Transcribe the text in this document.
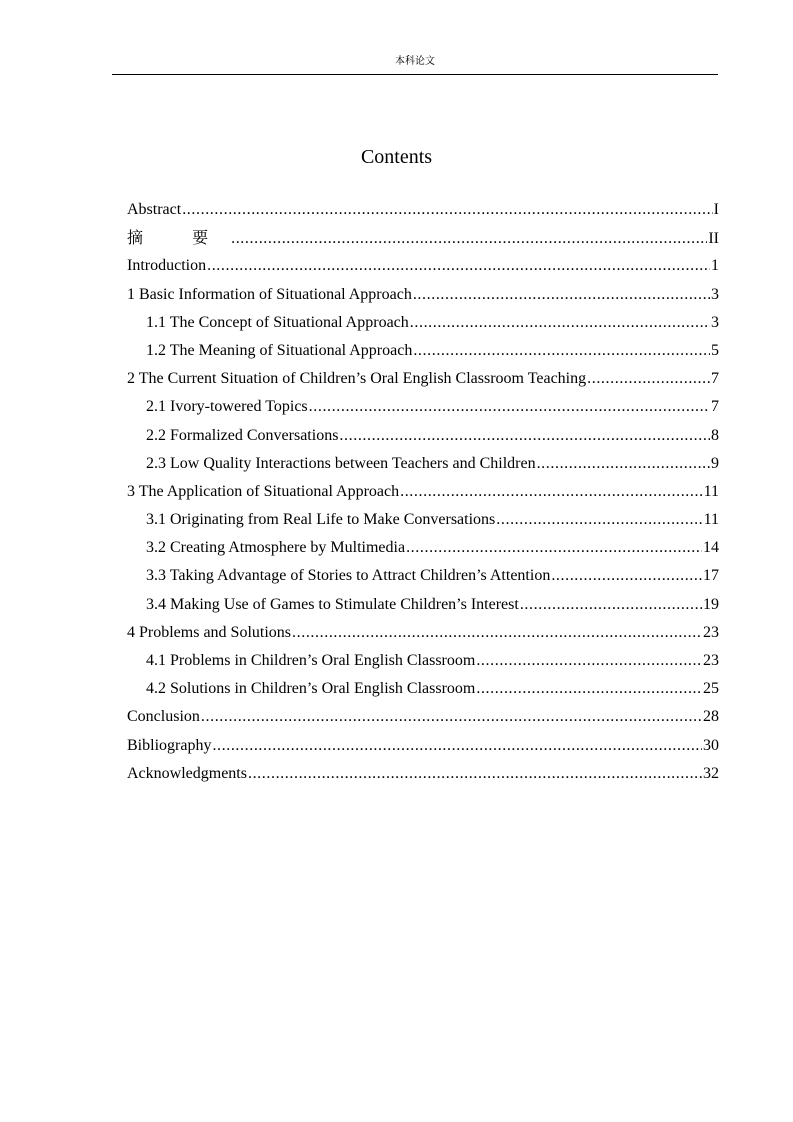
本科论文
Contents
Abstract .....	I
摘 要 .....	II
Introduction .....	1
1 Basic Information of Situational Approach .....	3
1.1 The Concept of Situational Approach .....	3
1.2 The Meaning of Situational Approach .....	5
2 The Current Situation of Children’s Oral English Classroom Teaching .....	7
2.1 Ivory-towered Topics .....	7
2.2 Formalized Conversations .....	8
2.3 Low Quality Interactions between Teachers and Children .....	9
3 The Application of Situational Approach .....	11
3.1 Originating from Real Life to Make Conversations .....	11
3.2 Creating Atmosphere by Multimedia .....	14
3.3 Taking Advantage of Stories to Attract Children’s Attention .....	17
3.4 Making Use of Games to Stimulate Children’s Interest .....	19
4 Problems and Solutions .....	23
4.1 Problems in Children’s Oral English Classroom .....	23
4.2 Solutions in Children’s Oral English Classroom .....	25
Conclusion .....	28
Bibliography .....	30
Acknowledgments .....	32
